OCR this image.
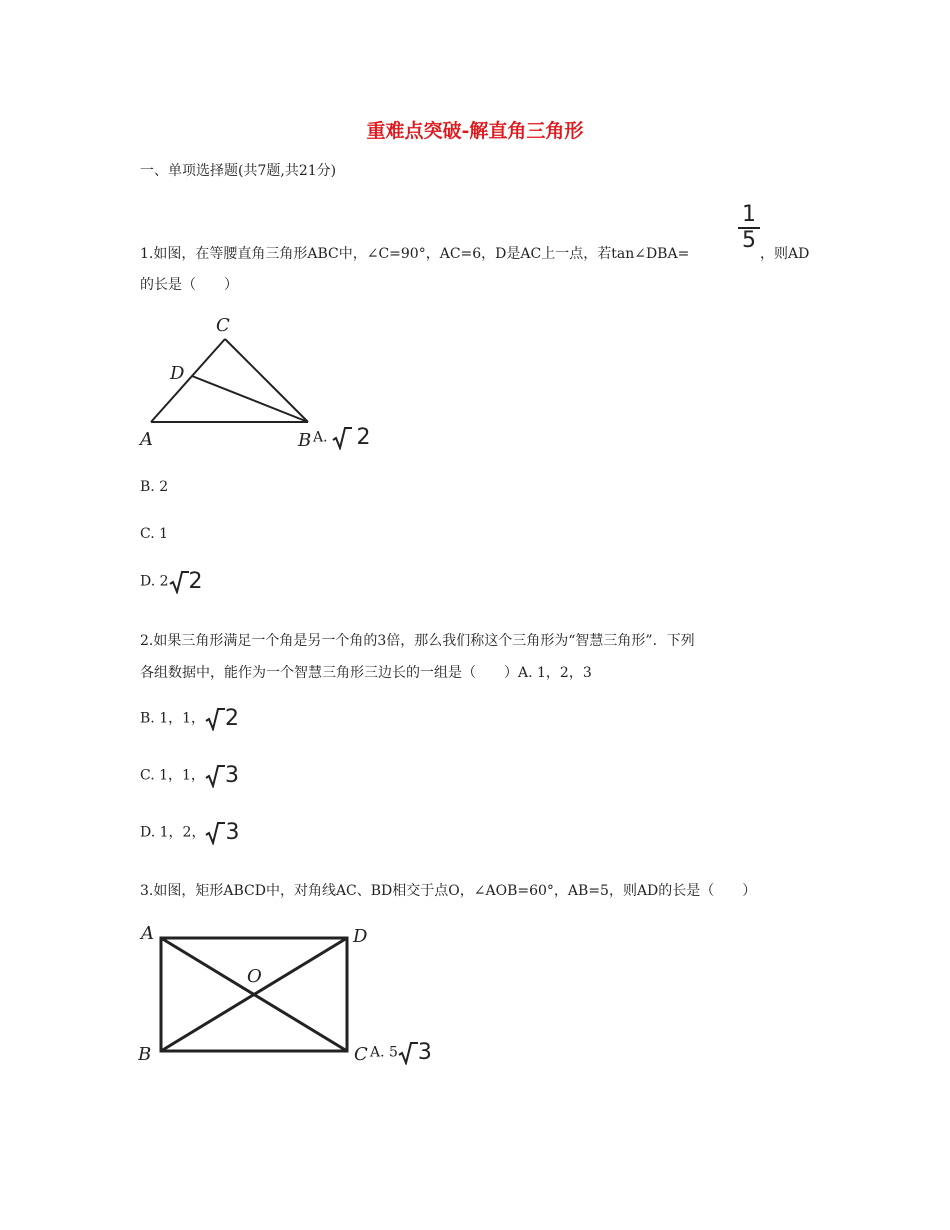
重难点突破-解直角三角形
一、单项选择题(共7题,共21分)
1.如图，在等腰直角三角形ABC中，∠C=90°，AC=6，D是AC上一点，若tan∠DBA=
1
5
，则AD
的长是（　　）
C
D
A	B A. 2
B. 2
C. 1
D. 2 2
2.如果三角形满足一个角是另一个角的3倍，那么我们称这个三角形为“智慧三角形”．下列
各组数据中，能作为一个智慧三角形三边长的一组是（　　）A. 1，2，3
B. 1，1， 2
C. 1，1， 3
D. 1，2， 3
3.如图，矩形ABCD中，对角线AC、BD相交于点O，∠AOB=60°，AB=5，则AD的长是（　　）
A	D
O
B	C A. 5 3
